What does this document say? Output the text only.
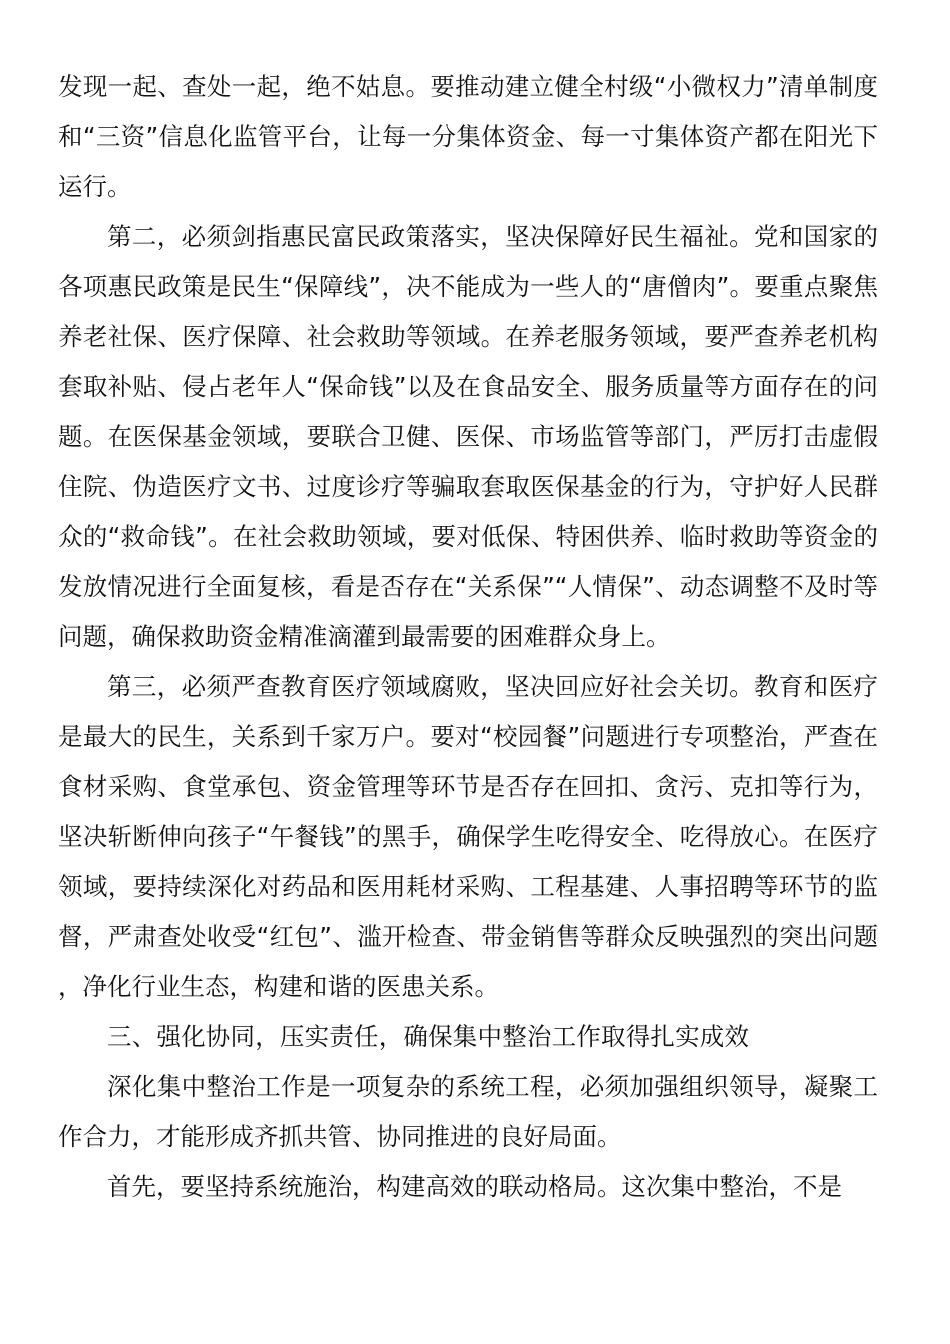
发现一起、查处一起，绝不姑息。要推动建立健全村级“小微权力”清单制度和“三资”信息化监管平台，让每一分集体资金、每一寸集体资产都在阳光下运行。

第二，必须剑指惠民富民政策落实，坚决保障好民生福祉。党和国家的各项惠民政策是民生“保障线”，决不能成为一些人的“唐僧肉”。要重点聚焦养老社保、医疗保障、社会救助等领域。在养老服务领域，要严查养老机构套取补贴、侵占老年人“保命钱”以及在食品安全、服务质量等方面存在的问题。在医保基金领域，要联合卫健、医保、市场监管等部门，严厉打击虚假住院、伪造医疗文书、过度诊疗等骗取套取医保基金的行为，守护好人民群众的“救命钱”。在社会救助领域，要对低保、特困供养、临时救助等资金的发放情况进行全面复核，看是否存在“关系保”“人情保”、动态调整不及时等问题，确保救助资金精准滴灌到最需要的困难群众身上。

第三，必须严查教育医疗领域腐败，坚决回应好社会关切。教育和医疗是最大的民生，关系到千家万户。要对“校园餐”问题进行专项整治，严查在食材采购、食堂承包、资金管理等环节是否存在回扣、贪污、克扣等行为，坚决斩断伸向孩子“午餐钱”的黑手，确保学生吃得安全、吃得放心。在医疗领域，要持续深化对药品和医用耗材采购、工程基建、人事招聘等环节的监督，严肃查处收受“红包”、滥开检查、带金销售等群众反映强烈的突出问题，净化行业生态，构建和谐的医患关系。

三、强化协同，压实责任，确保集中整治工作取得扎实成效

深化集中整治工作是一项复杂的系统工程，必须加强组织领导，凝聚工作合力，才能形成齐抓共管、协同推进的良好局面。

首先，要坚持系统施治，构建高效的联动格局。这次集中整治，不是
